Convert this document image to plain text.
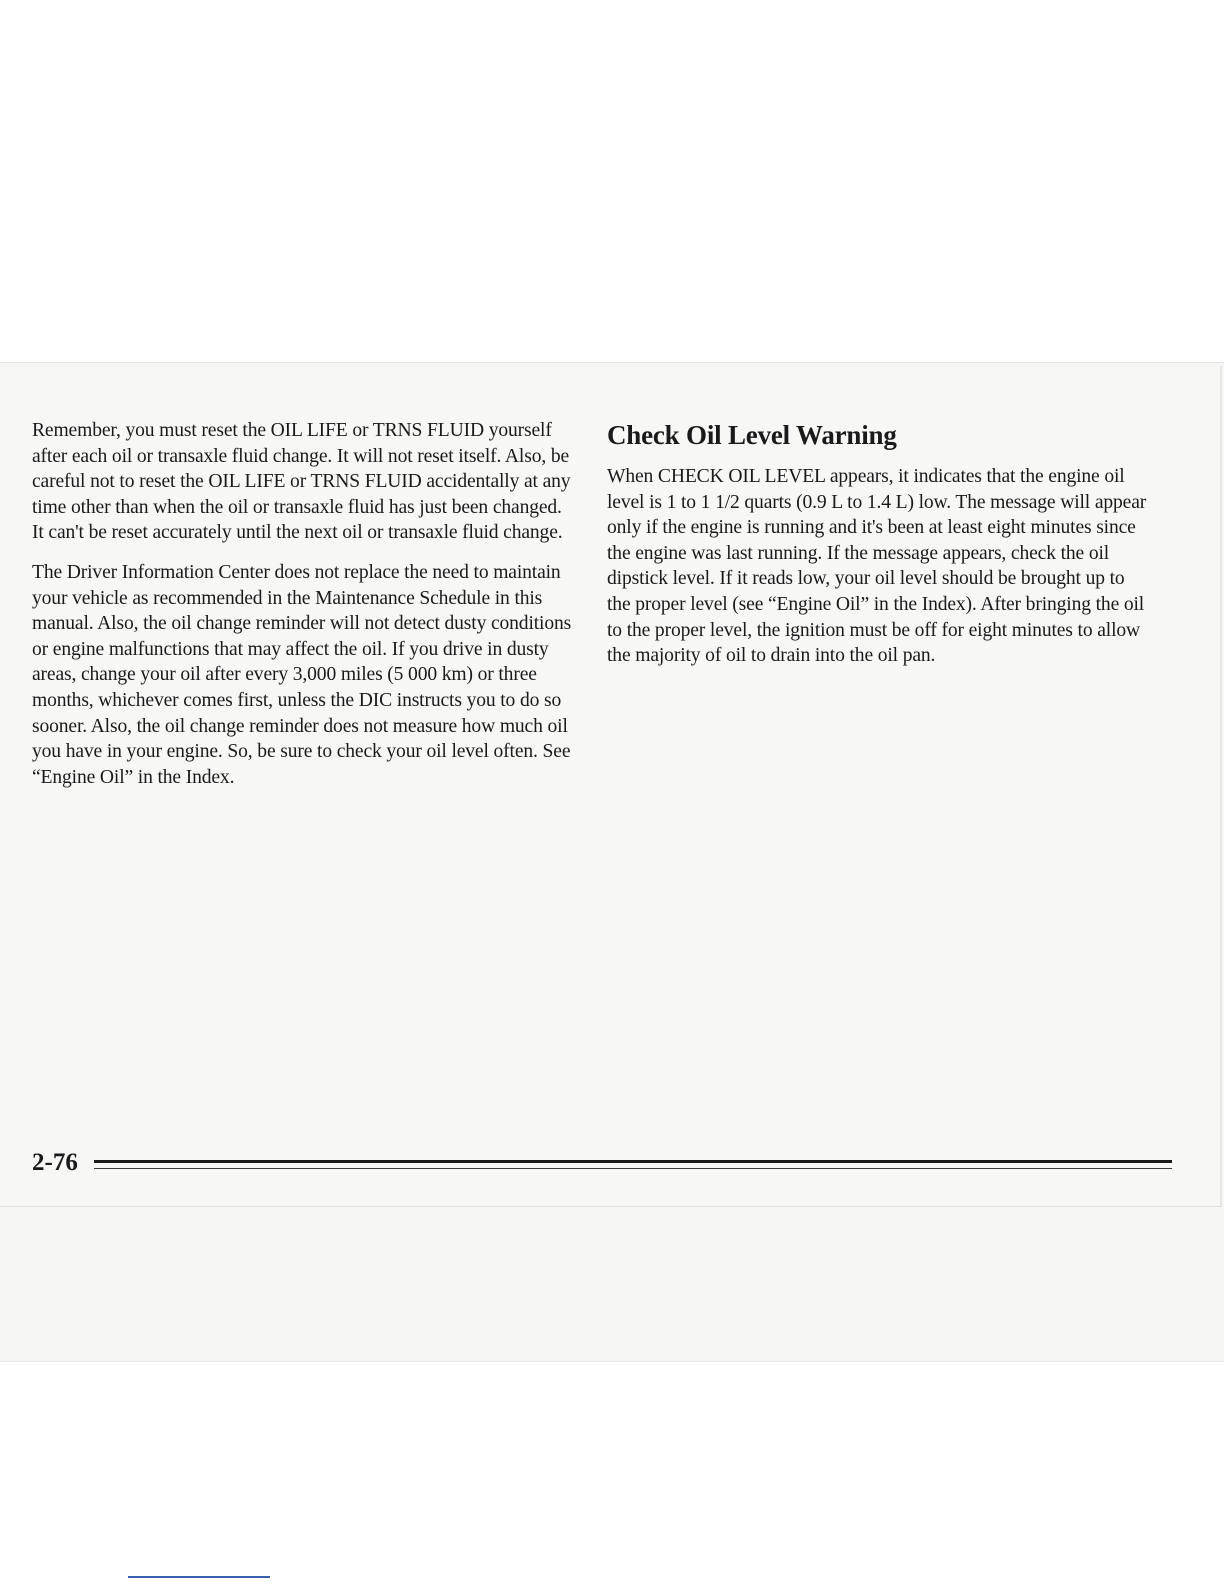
Remember, you must reset the OIL LIFE or TRNS FLUID yourself after each oil or transaxle fluid change. It will not reset itself. Also, be careful not to reset the OIL LIFE or TRNS FLUID accidentally at any time other than when the oil or transaxle fluid has just been changed. It can't be reset accurately until the next oil or transaxle fluid change.

The Driver Information Center does not replace the need to maintain your vehicle as recommended in the Maintenance Schedule in this manual. Also, the oil change reminder will not detect dusty conditions or engine malfunctions that may affect the oil. If you drive in dusty areas, change your oil after every 3,000 miles (5 000 km) or three months, whichever comes first, unless the DIC instructs you to do so sooner. Also, the oil change reminder does not measure how much oil you have in your engine. So, be sure to check your oil level often. See “Engine Oil” in the Index.

Check Oil Level Warning

When CHECK OIL LEVEL appears, it indicates that the engine oil level is 1 to 1 1/2 quarts (0.9 L to 1.4 L) low. The message will appear only if the engine is running and it's been at least eight minutes since the engine was last running. If the message appears, check the oil dipstick level. If it reads low, your oil level should be brought up to the proper level (see “Engine Oil” in the Index). After bringing the oil to the proper level, the ignition must be off for eight minutes to allow the majority of oil to drain into the oil pan.

2-76
